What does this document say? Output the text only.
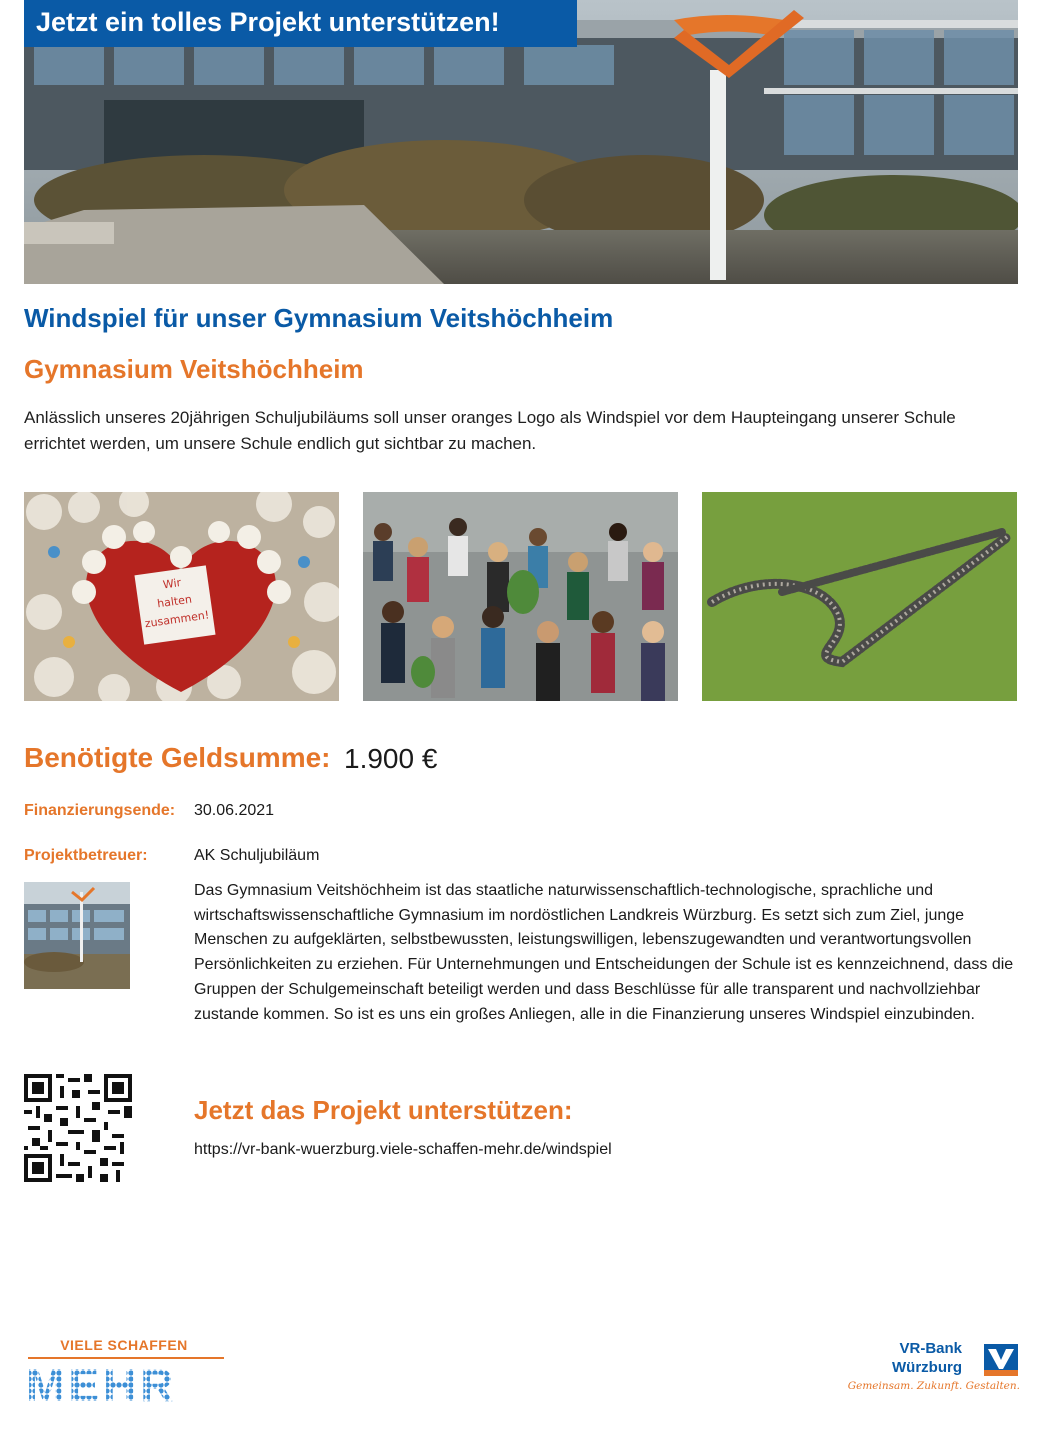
Jetzt ein tolles Projekt unterstützen!
Windspiel für unser Gymnasium Veitshöchheim
Gymnasium Veitshöchheim
Anlässlich unseres 20jährigen Schuljubiläums soll unser oranges Logo als Windspiel vor dem Haupteingang unserer Schule errichtet werden, um unsere Schule endlich gut sichtbar zu machen.
Wir
halten
zusammen!
Benötigte Geldsumme: 1.900 €
Finanzierungsende: 30.06.2021
Projektbetreuer:	AK Schuljubiläum
Das Gymnasium Veitshöchheim ist das staatliche naturwissenschaftlich-technologische, sprachliche und wirtschaftswissenschaftliche Gymnasium im nordöstlichen Landkreis Würzburg. Es setzt sich zum Ziel, junge Menschen zu aufgeklärten, selbstbewussten, leistungswilligen, lebenszugewandten und verantwortungsvollen Persönlichkeiten zu erziehen. Für Unternehmungen und Entscheidungen der Schule ist es kennzeichnend, dass die Gruppen der Schulgemeinschaft beteiligt werden und dass Beschlüsse für alle transparent und nachvollziehbar zustande kommen. So ist es uns ein großes Anliegen, alle in die Finanzierung unseres Windspiel einzubinden.
Jetzt das Projekt unterstützen:
https://vr-bank-wuerzburg.viele-schaffen-mehr.de/windspiel
VIELE SCHAFFEN
MEHR
VR-Bank
Würzburg
Gemeinsam. Zukunft. Gestalten.
